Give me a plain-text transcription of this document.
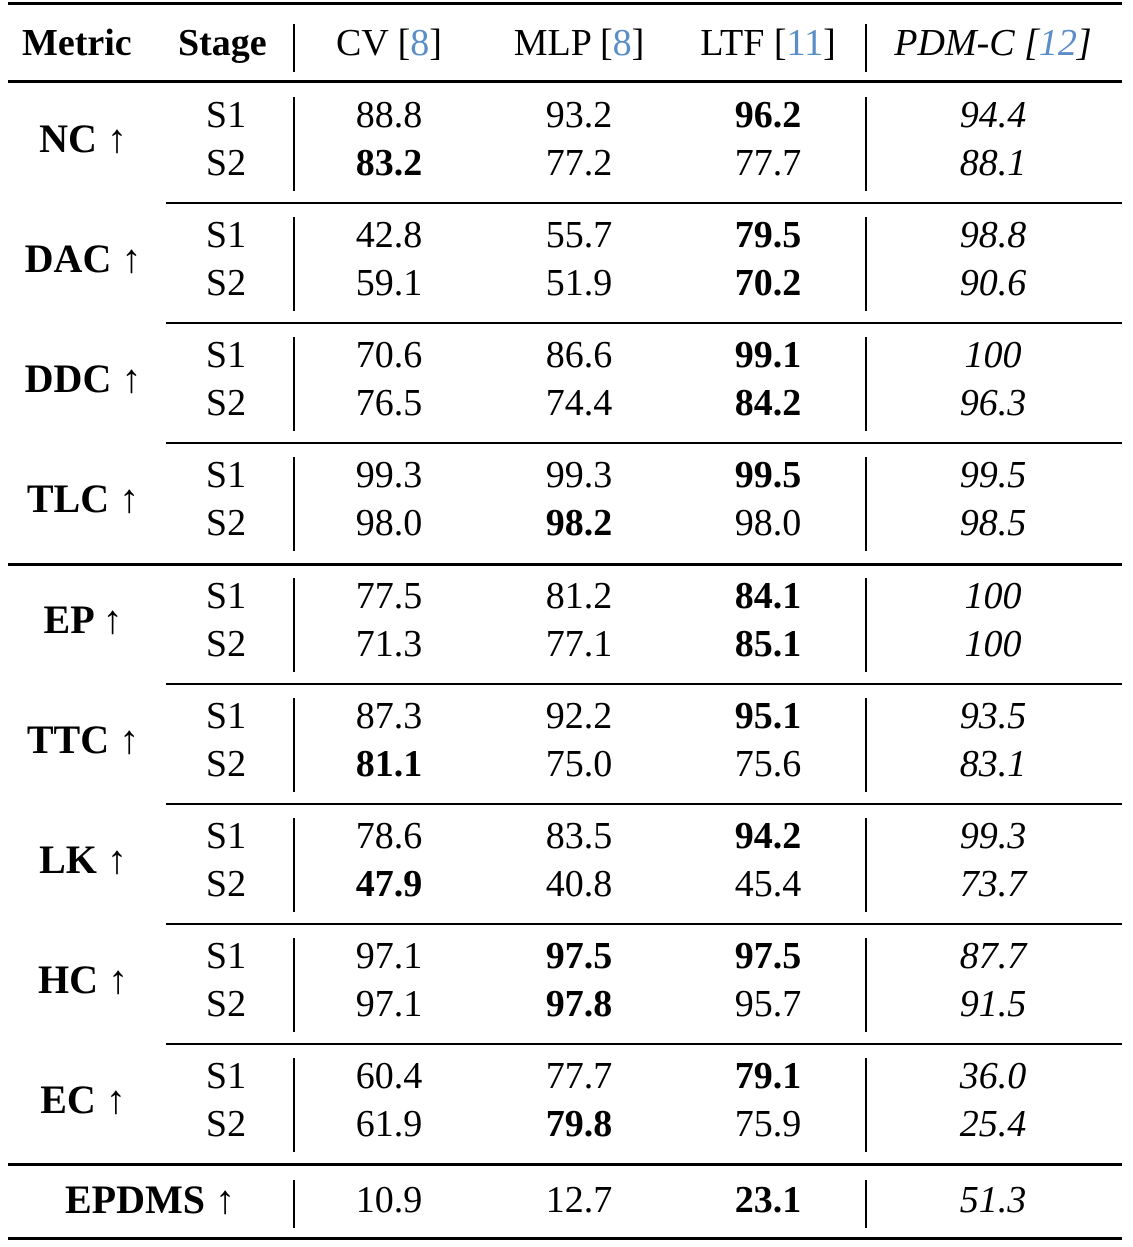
Metric Stage CV [8] MLP [8] LTF [11] PDM-C [12]
NC ↑
S1	88.8	93.2	96.2	94.4
S2	83.2	77.2	77.7	88.1
DAC ↑
S1	42.8	55.7	79.5	98.8
S2	59.1	51.9	70.2	90.6
DDC ↑
S1	70.6	86.6	99.1	100
S2	76.5	74.4	84.2	96.3
TLC ↑
S1	99.3	99.3	99.5	99.5
S2	98.0	98.2	98.0	98.5
EP ↑
S1	77.5	81.2	84.1	100
S2	71.3	77.1	85.1	100
TTC ↑
S1	87.3	92.2	95.1	93.5
S2	81.1	75.0	75.6	83.1
LK ↑
S1	78.6	83.5	94.2	99.3
S2	47.9	40.8	45.4	73.7
HC ↑
S1	97.1	97.5	97.5	87.7
S2	97.1	97.8	95.7	91.5
EC ↑
S1	60.4	77.7	79.1	36.0
S2	61.9	79.8	75.9	25.4
EPDMS ↑	10.9	12.7	23.1	51.3
